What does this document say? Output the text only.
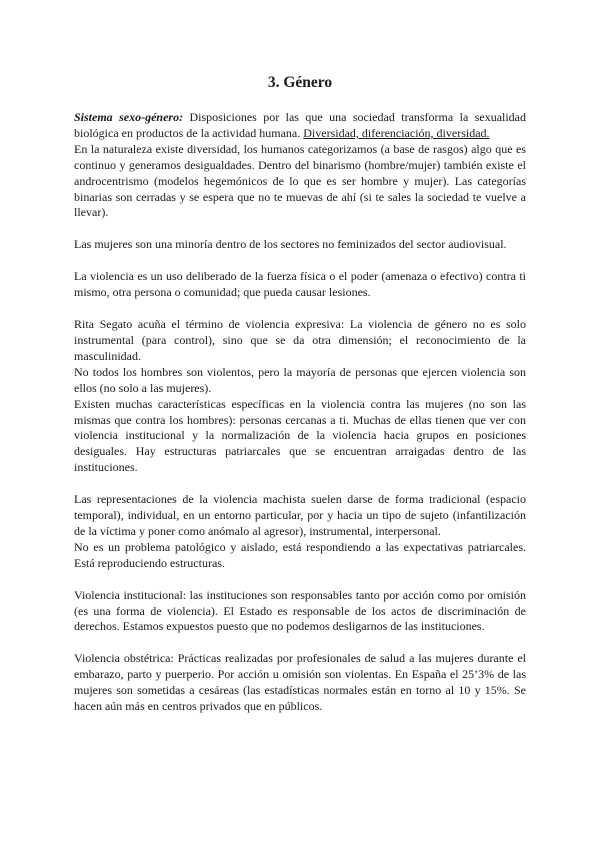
3. Género

Sistema sexo-género: Disposiciones por las que una sociedad transforma la sexualidad biológica en productos de la actividad humana. Diversidad, diferenciación, diversidad.

En la naturaleza existe diversidad, los humanos categorizamos (a base de rasgos) algo que es continuo y generamos desigualdades. Dentro del binarismo (hombre/mujer) también existe el androcentrismo (modelos hegemónicos de lo que es ser hombre y mujer). Las categorías binarias son cerradas y se espera que no te muevas de ahí (si te sales la sociedad te vuelve a llevar).

Las mujeres son una minoría dentro de los sectores no feminizados del sector audiovisual.

La violencia es un uso deliberado de la fuerza física o el poder (amenaza o efectivo) contra ti mismo, otra persona o comunidad; que pueda causar lesiones.

Rita Segato acuña el término de violencia expresiva: La violencia de género no es solo instrumental (para control), sino que se da otra dimensión; el reconocimiento de la masculinidad.

No todos los hombres son violentos, pero la mayoría de personas que ejercen violencia son ellos (no solo a las mujeres).

Existen muchas características específicas en la violencia contra las mujeres (no son las mismas que contra los hombres): personas cercanas a ti. Muchas de ellas tienen que ver con violencia institucional y la normalización de la violencia hacia grupos en posiciones desiguales. Hay estructuras patriarcales que se encuentran arraigadas dentro de las instituciones.

Las representaciones de la violencia machista suelen darse de forma tradicional (espacio temporal), individual, en un entorno particular, por y hacia un tipo de sujeto (infantilización de la víctima y poner como anómalo al agresor), instrumental, interpersonal.

No es un problema patológico y aislado, está respondiendo a las expectativas patriarcales. Está reproduciendo estructuras.

Violencia institucional: las instituciones son responsables tanto por acción como por omisión (es una forma de violencia). El Estado es responsable de los actos de discriminación de derechos. Estamos expuestos puesto que no podemos desligarnos de las instituciones.

Violencia obstétrica: Prácticas realizadas por profesionales de salud a las mujeres durante el embarazo, parto y puerperio. Por acción u omisión son violentas. En España el 25’3% de las mujeres son sometidas a cesáreas (las estadísticas normales están en torno al 10 y 15%. Se hacen aún más en centros privados que en públicos.
